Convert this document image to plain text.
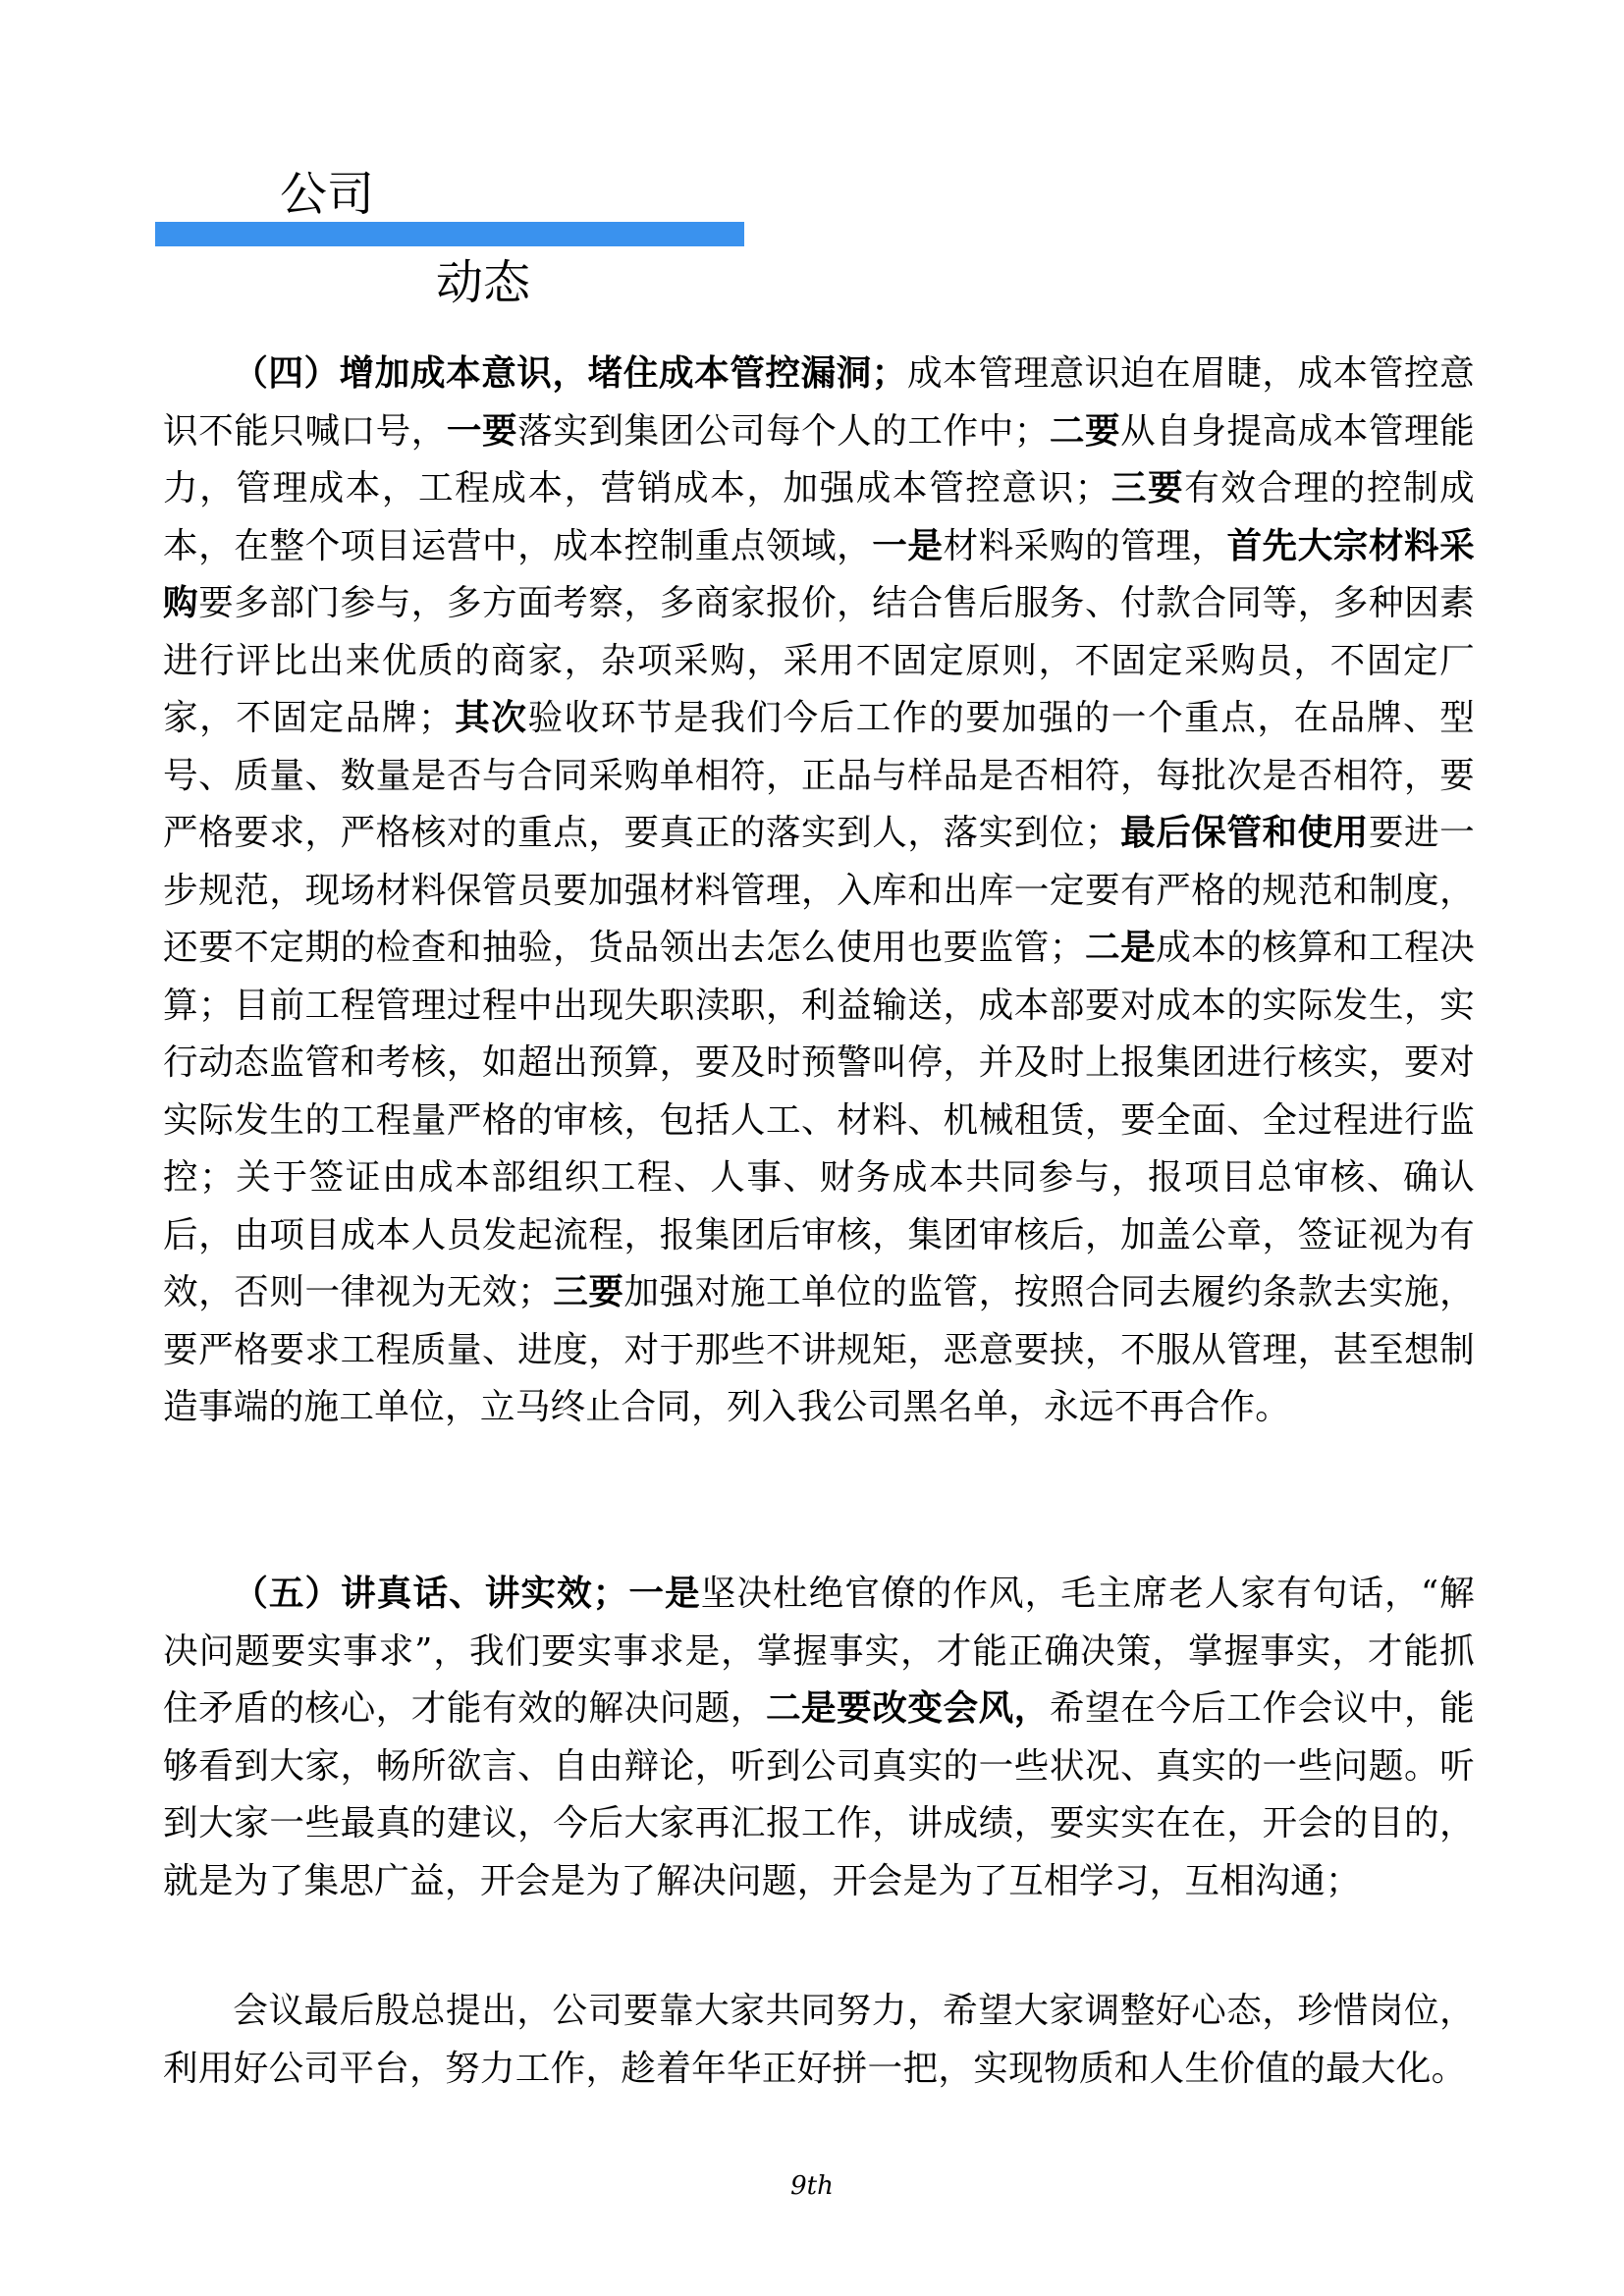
公司
动态

（四）增加成本意识，堵住成本管控漏洞；成本管理意识迫在眉睫，成本管控意识不能只喊口号，一要落实到集团公司每个人的工作中；二要从自身提高成本管理能力，管理成本，工程成本，营销成本，加强成本管控意识；三要有效合理的控制成本，在整个项目运营中，成本控制重点领域，一是材料采购的管理，首先大宗材料采购要多部门参与，多方面考察，多商家报价，结合售后服务、付款合同等，多种因素进行评比出来优质的商家，杂项采购，采用不固定原则，不固定采购员，不固定厂家，不固定品牌；其次验收环节是我们今后工作的要加强的一个重点，在品牌、型号、质量、数量是否与合同采购单相符，正品与样品是否相符，每批次是否相符，要严格要求，严格核对的重点，要真正的落实到人，落实到位；最后保管和使用要进一步规范，现场材料保管员要加强材料管理，入库和出库一定要有严格的规范和制度，还要不定期的检查和抽验，货品领出去怎么使用也要监管；二是成本的核算和工程决算；目前工程管理过程中出现失职渎职，利益输送，成本部要对成本的实际发生，实行动态监管和考核，如超出预算，要及时预警叫停，并及时上报集团进行核实，要对实际发生的工程量严格的审核，包括人工、材料、机械租赁，要全面、全过程进行监控；关于签证由成本部组织工程、人事、财务成本共同参与，报项目总审核、确认后，由项目成本人员发起流程，报集团后审核，集团审核后，加盖公章，签证视为有效，否则一律视为无效；三要加强对施工单位的监管，按照合同去履约条款去实施，要严格要求工程质量、进度，对于那些不讲规矩，恶意要挟，不服从管理，甚至想制造事端的施工单位，立马终止合同，列入我公司黑名单，永远不再合作。

（五）讲真话、讲实效；一是坚决杜绝官僚的作风，毛主席老人家有句话，“解决问题要实事求”，我们要实事求是，掌握事实，才能正确决策，掌握事实，才能抓住矛盾的核心，才能有效的解决问题，二是要改变会风，希望在今后工作会议中，能够看到大家，畅所欲言、自由辩论，听到公司真实的一些状况、真实的一些问题。听到大家一些最真的建议，今后大家再汇报工作，讲成绩，要实实在在，开会的目的，就是为了集思广益，开会是为了解决问题，开会是为了互相学习，互相沟通；

会议最后殷总提出，公司要靠大家共同努力，希望大家调整好心态，珍惜岗位，利用好公司平台，努力工作，趁着年华正好拼一把，实现物质和人生价值的最大化。

9th
